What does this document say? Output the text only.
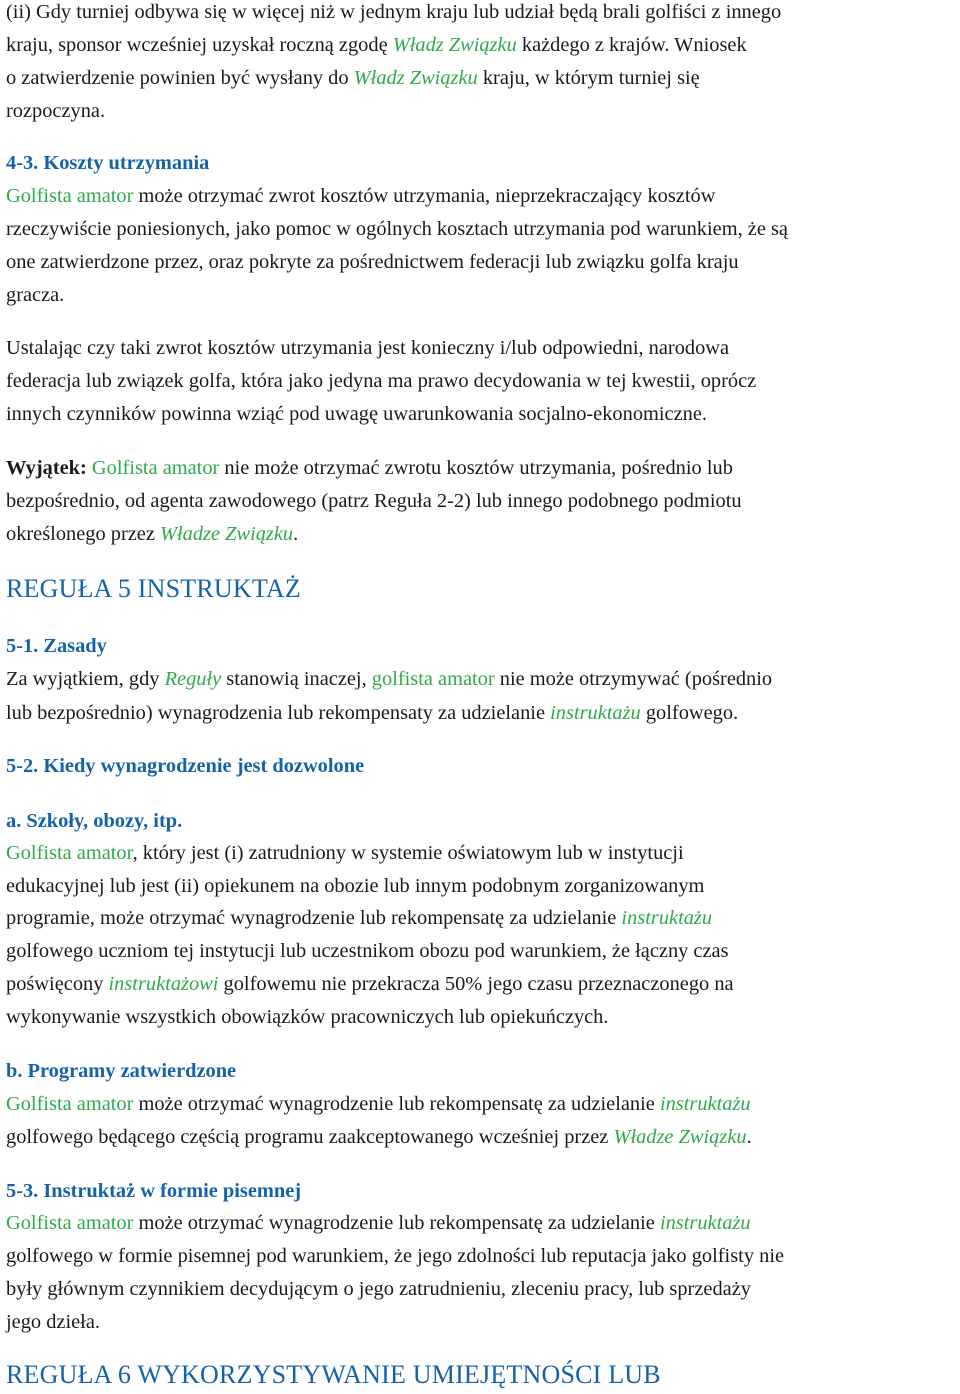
(ii) Gdy turniej odbywa się w więcej niż w jednym kraju lub udział będą brali golfiści z innego
kraju, sponsor wcześniej uzyskał roczną zgodę Władz Związku każdego z krajów. Wniosek
o zatwierdzenie powinien być wysłany do Władz Związku kraju, w którym turniej się
rozpoczyna.
4-3. Koszty utrzymania
Golfista amator może otrzymać zwrot kosztów utrzymania, nieprzekraczający kosztów
rzeczywiście poniesionych, jako pomoc w ogólnych kosztach utrzymania pod warunkiem, że są
one zatwierdzone przez, oraz pokryte za pośrednictwem federacji lub związku golfa kraju
gracza.
Ustalając czy taki zwrot kosztów utrzymania jest konieczny i/lub odpowiedni, narodowa
federacja lub związek golfa, która jako jedyna ma prawo decydowania w tej kwestii, oprócz
innych czynników powinna wziąć pod uwagę uwarunkowania socjalno-ekonomiczne.
Wyjątek: Golfista amator nie może otrzymać zwrotu kosztów utrzymania, pośrednio lub
bezpośrednio, od agenta zawodowego (patrz Reguła 2-2) lub innego podobnego podmiotu
określonego przez Władze Związku.
REGUŁA 5 INSTRUKTAŻ
5-1. Zasady
Za wyjątkiem, gdy Reguły stanowią inaczej, golfista amator nie może otrzymywać (pośrednio
lub bezpośrednio) wynagrodzenia lub rekompensaty za udzielanie instruktażu golfowego.
5-2. Kiedy wynagrodzenie jest dozwolone
a. Szkoły, obozy, itp.
Golfista amator, który jest (i) zatrudniony w systemie oświatowym lub w instytucji
edukacyjnej lub jest (ii) opiekunem na obozie lub innym podobnym zorganizowanym
programie, może otrzymać wynagrodzenie lub rekompensatę za udzielanie instruktażu
golfowego uczniom tej instytucji lub uczestnikom obozu pod warunkiem, że łączny czas
poświęcony instruktażowi golfowemu nie przekracza 50% jego czasu przeznaczonego na
wykonywanie wszystkich obowiązków pracowniczych lub opiekuńczych.
b. Programy zatwierdzone
Golfista amator może otrzymać wynagrodzenie lub rekompensatę za udzielanie instruktażu
golfowego będącego częścią programu zaakceptowanego wcześniej przez Władze Związku.
5-3. Instruktaż w formie pisemnej
Golfista amator może otrzymać wynagrodzenie lub rekompensatę za udzielanie instruktażu
golfowego w formie pisemnej pod warunkiem, że jego zdolności lub reputacja jako golfisty nie
były głównym czynnikiem decydującym o jego zatrudnieniu, zleceniu pracy, lub sprzedaży
jego dzieła.
REGUŁA 6 WYKORZYSTYWANIE UMIEJĘTNOŚCI LUB
